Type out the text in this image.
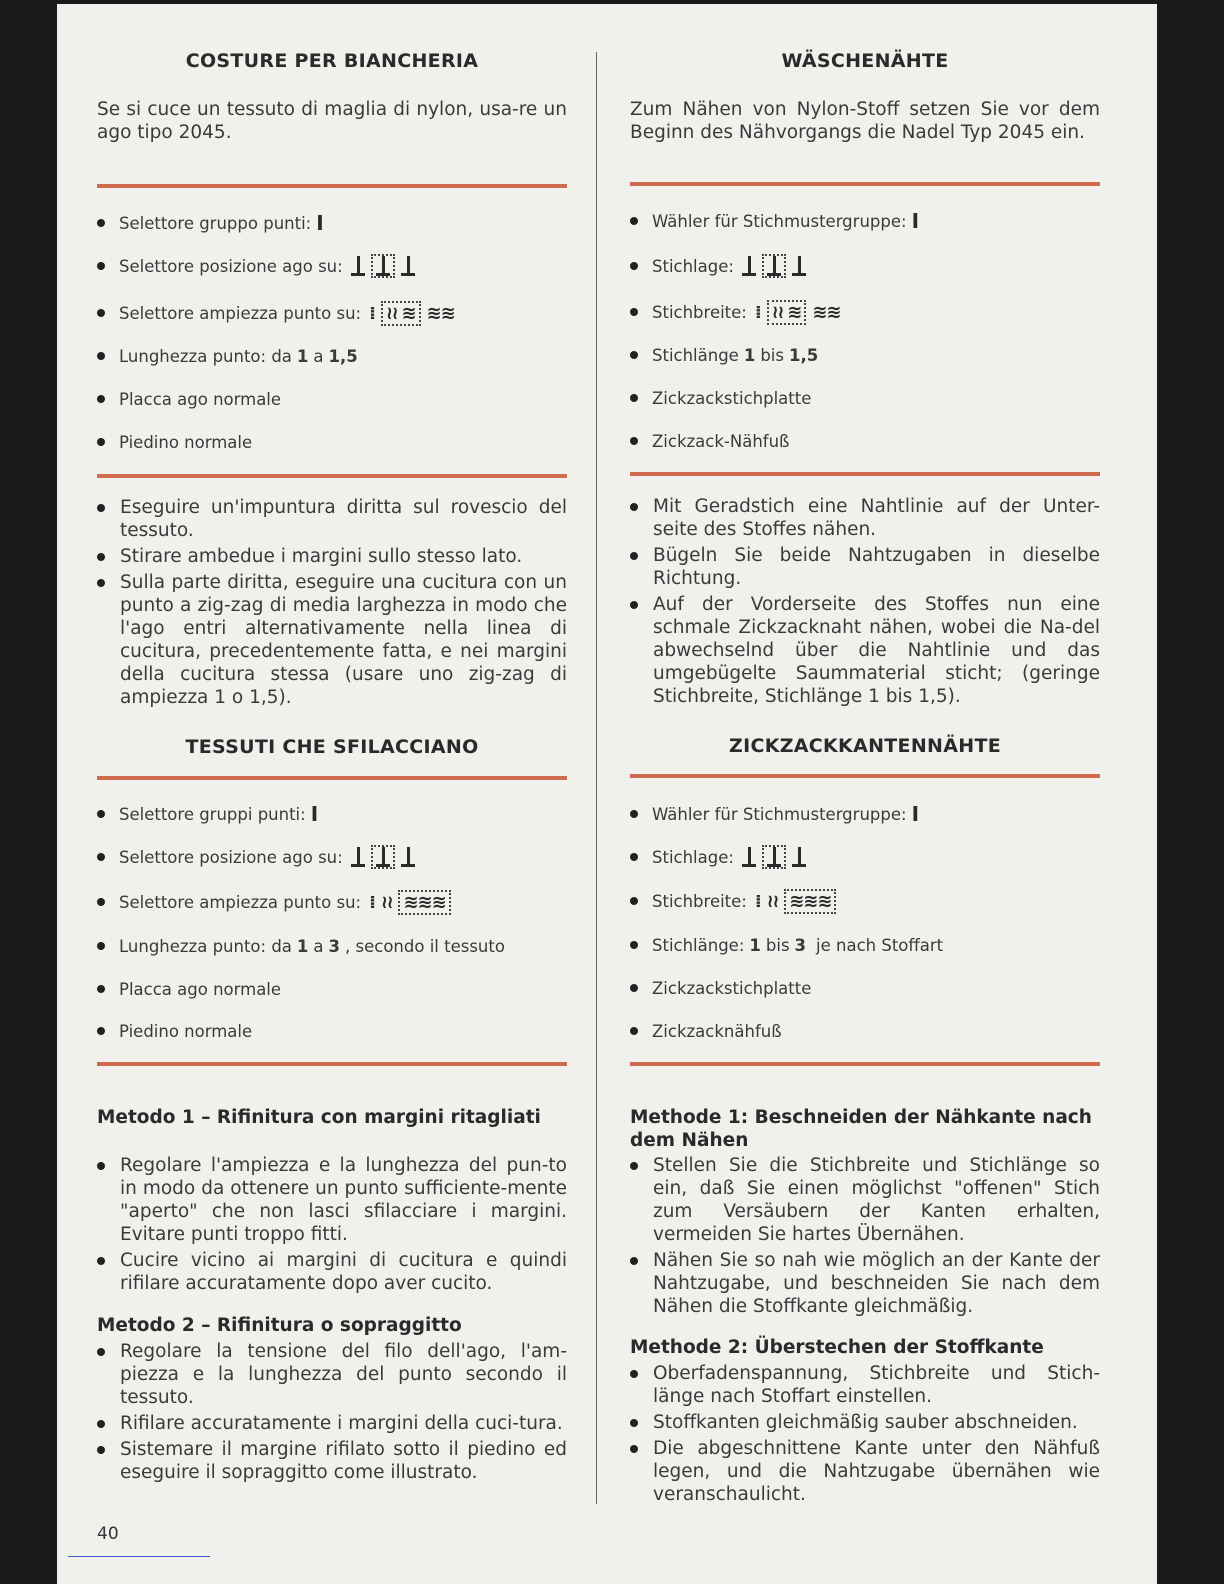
COSTURE PER BIANCHERIA
Se si cuce un tessuto di maglia di nylon, usa-re un ago tipo 2045.
Selettore gruppo punti: I
Selettore posizione ago su:
Selettore ampiezza punto su: ⁞ ≀≀ ≋ ≋≋
Lunghezza punto: da 1 a 1,5
Placca ago normale
Piedino normale
Eseguire un'impuntura diritta sul rovescio del tessuto.
Stirare ambedue i margini sullo stesso lato.
Sulla parte diritta, eseguire una cucitura con un punto a zig-zag di media larghezza in modo che l'ago entri alternativamente nella linea di cucitura, precedentemente fatta, e nei margini della cucitura stessa (usare uno zig-zag di ampiezza 1 o 1,5).
TESSUTI CHE SFILACCIANO
Selettore gruppi punti: I
Selettore posizione ago su:
Selettore ampiezza punto su: ⁞ ≀≀ ≋≋≋
Lunghezza punto: da 1 a 3 , secondo il tessuto
Placca ago normale
Piedino normale
Metodo 1 – Rifinitura con margini ritagliati
Regolare l'ampiezza e la lunghezza del pun-to in modo da ottenere un punto sufficiente-mente "aperto" che non lasci sfilacciare i margini. Evitare punti troppo fitti.
Cucire vicino ai margini di cucitura e quindi rifilare accuratamente dopo aver cucito.
Metodo 2 – Rifinitura o sopraggitto
Regolare la tensione del filo dell'ago, l'am-piezza e la lunghezza del punto secondo il tessuto.
Rifilare accuratamente i margini della cuci-tura.
Sistemare il margine rifilato sotto il piedino ed eseguire il sopraggitto come illustrato.
WÄSCHENÄHTE
Zum Nähen von Nylon-Stoff setzen Sie vor dem Beginn des Nähvorgangs die Nadel Typ 2045 ein.
Wähler für Stichmustergruppe: I
Stichlage:
Stichbreite: ⁞ ≀≀ ≋ ≋≋
Stichlänge 1 bis 1,5
Zickzackstichplatte
Zickzack-Nähfuß
Mit Geradstich eine Nahtlinie auf der Unter-seite des Stoffes nähen.
Bügeln Sie beide Nahtzugaben in dieselbe Richtung.
Auf der Vorderseite des Stoffes nun eine schmale Zickzacknaht nähen, wobei die Na-del abwechselnd über die Nahtlinie und das umgebügelte Saummaterial sticht; (geringe Stichbreite, Stichlänge 1 bis 1,5).
ZICKZACKKANTENNÄHTE
Wähler für Stichmustergruppe: I
Stichlage:
Stichbreite: ⁞ ≀≀ ≋≋≋
Stichlänge: 1 bis 3 je nach Stoffart
Zickzackstichplatte
Zickzacknähfuß
Methode 1: Beschneiden der Nähkante nach dem Nähen
Stellen Sie die Stichbreite und Stichlänge so ein, daß Sie einen möglichst "offenen" Stich zum Versäubern der Kanten erhalten, vermeiden Sie hartes Übernähen.
Nähen Sie so nah wie möglich an der Kante der Nahtzugabe, und beschneiden Sie nach dem Nähen die Stoffkante gleichmäßig.
Methode 2: Überstechen der Stoffkante
Oberfadenspannung, Stichbreite und Stich-länge nach Stoffart einstellen.
Stoffkanten gleichmäßig sauber abschneiden.
Die abgeschnittene Kante unter den Nähfuß legen, und die Nahtzugabe übernähen wie veranschaulicht.
40
